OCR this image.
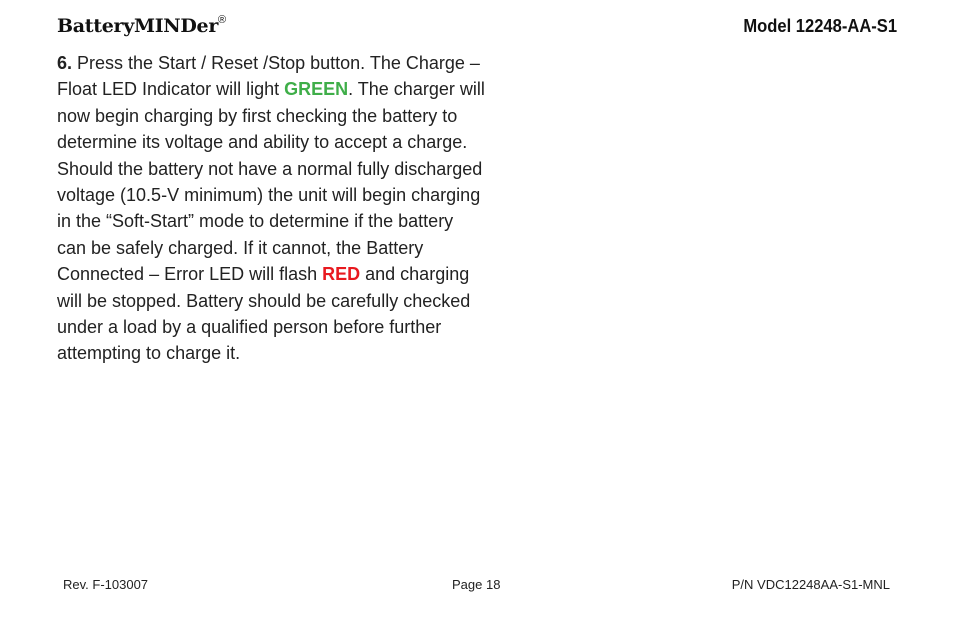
BatteryMINDer®	Model 12248-AA-S1
6. Press the Start / Reset /Stop button. The Charge – Float LED Indicator will light GREEN. The charger will now begin charging by first checking the battery to determine its voltage and ability to accept a charge. Should the battery not have a normal fully discharged voltage (10.5-V minimum) the unit will begin charging in the “Soft-Start” mode to determine if the battery can be safely charged. If it cannot, the Battery Connected – Error LED will flash RED and charging will be stopped. Battery should be carefully checked under a load by a qualified person before further attempting to charge it.
Rev. F-103007	Page 18	P/N VDC12248AA-S1-MNL
